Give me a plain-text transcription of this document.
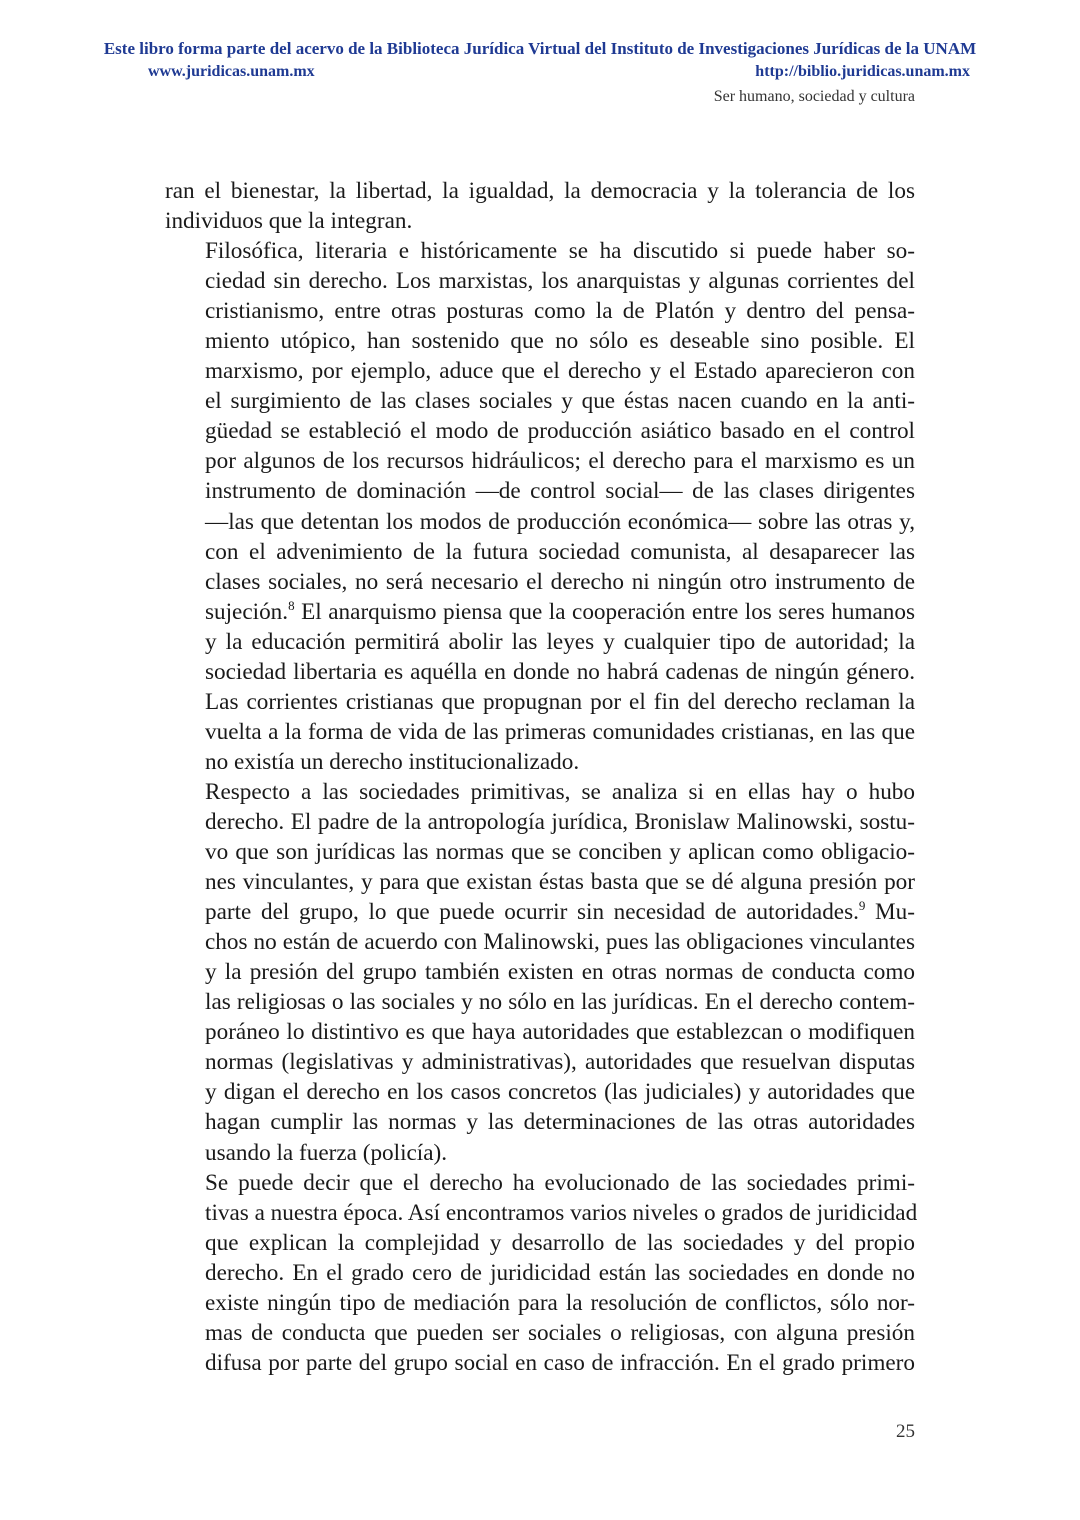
Este libro forma parte del acervo de la Biblioteca Jurídica Virtual del Instituto de Investigaciones Jurídicas de la UNAM
www.juridicas.unam.mx	http://biblio.juridicas.unam.mx
Ser humano, sociedad y cultura

ran el bienestar, la libertad, la igualdad, la democracia y la tolerancia de los
individuos que la integran.

Filosófica, literaria e históricamente se ha discutido si puede haber so-
ciedad sin derecho. Los marxistas, los anarquistas y algunas corrientes del
cristianismo, entre otras posturas como la de Platón y dentro del pensa-
miento utópico, han sostenido que no sólo es deseable sino posible. El
marxismo, por ejemplo, aduce que el derecho y el Estado aparecieron con
el surgimiento de las clases sociales y que éstas nacen cuando en la anti-
güedad se estableció el modo de producción asiático basado en el control
por algunos de los recursos hidráulicos; el derecho para el marxismo es un
instrumento de dominación —de control social— de las clases dirigentes
—las que detentan los modos de producción económica— sobre las otras y,
con el advenimiento de la futura sociedad comunista, al desaparecer las
clases sociales, no será necesario el derecho ni ningún otro instrumento de
sujeción.$^8$ El anarquismo piensa que la cooperación entre los seres humanos
y la educación permitirá abolir las leyes y cualquier tipo de autoridad; la
sociedad libertaria es aquélla en donde no habrá cadenas de ningún género.
Las corrientes cristianas que propugnan por el fin del derecho reclaman la
vuelta a la forma de vida de las primeras comunidades cristianas, en las que
no existía un derecho institucionalizado.

Respecto a las sociedades primitivas, se analiza si en ellas hay o hubo
derecho. El padre de la antropología jurídica, Bronislaw Malinowski, sostu-
vo que son jurídicas las normas que se conciben y aplican como obligacio-
nes vinculantes, y para que existan éstas basta que se dé alguna presión por
parte del grupo, lo que puede ocurrir sin necesidad de autoridades.$^9$ Mu-
chos no están de acuerdo con Malinowski, pues las obligaciones vinculantes
y la presión del grupo también existen en otras normas de conducta como
las religiosas o las sociales y no sólo en las jurídicas. En el derecho contem-
poráneo lo distintivo es que haya autoridades que establezcan o modifiquen
normas (legislativas y administrativas), autoridades que resuelvan disputas
y digan el derecho en los casos concretos (las judiciales) y autoridades que
hagan cumplir las normas y las determinaciones de las otras autoridades
usando la fuerza (policía).

Se puede decir que el derecho ha evolucionado de las sociedades primi-
tivas a nuestra época. Así encontramos varios niveles o grados de juridicidad
que explican la complejidad y desarrollo de las sociedades y del propio
derecho. En el grado cero de juridicidad están las sociedades en donde no
existe ningún tipo de mediación para la resolución de conflictos, sólo nor-
mas de conducta que pueden ser sociales o religiosas, con alguna presión
difusa por parte del grupo social en caso de infracción. En el grado primero

25
